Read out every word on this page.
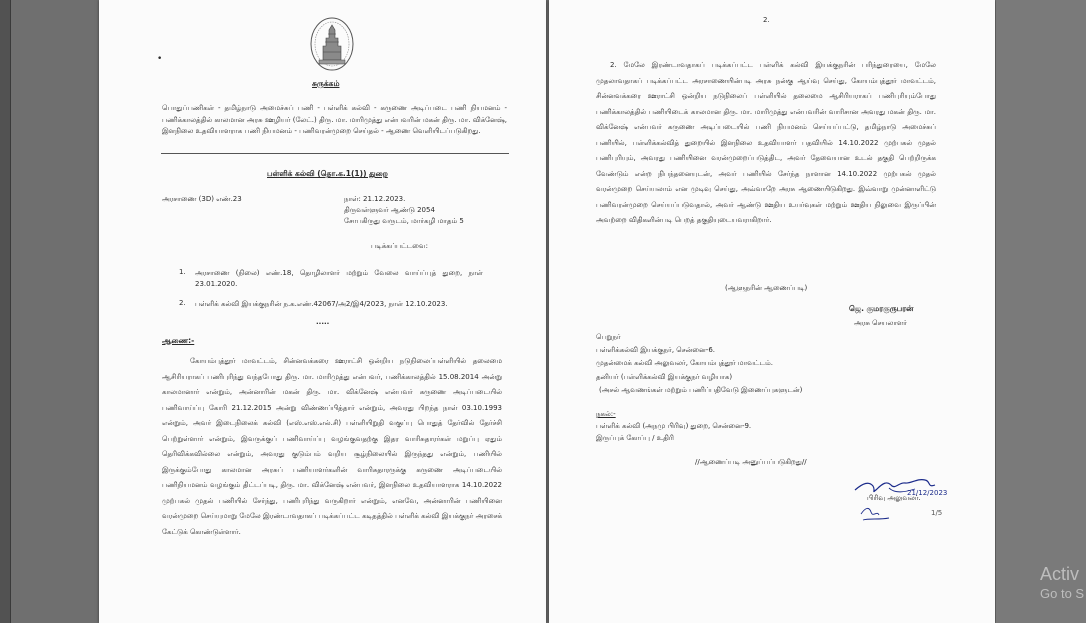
•
சுருக்கம்
பொதுப்பணிகள் - தமிழ்நாடு அமைச்சுப் பணி - பள்ளிக் கல்வி - கருணை அடிப்படை பணி நியமனம் - பணிக்காலத்தில் காலமான அரசு ஊழியர் (லேட்.) திரு. மா. மாரிமுத்து என்பவரின் மகன் திரு. மா. விக்னேஷ், இளநிலை உதவியாளராக பணி நியமனம் - பணிவரன்முறை செய்தல் - ஆணை வெளியிடப்படுகிறது.
பள்ளிக் கல்வி (தொ.க.1(1)) துறை
அரசாணை (3D) எண்.23	நாள்: 21.12.2023.
திருவள்ளுவர் ஆண்டு 2054
சோபகிருது வருடம், மார்கழி மாதம் 5
படிக்கப்பட்டவை:
1. அரசாணை (நிலை) எண்.18, தொழிலாளர் மற்றும் வேலை வாய்ப்புத் துறை, நாள் 23.01.2020.
2. பள்ளிக் கல்வி இயக்குநரின் ந.க.எண்.42067/அ2/இ4/2023, நாள் 12.10.2023.
.....
ஆணை:-
கோயம்புத்தூர் மாவட்டம், சின்னவக்கரை ஊராட்சி ஒன்றிய நடுநிலைப்பள்ளியில் தலைமை ஆசிரியராகப் பணிபுரிந்து வந்தபோது திரு. மா. மாரிமுத்து என்பவர், பணிக்காலத்தில் 15.08.2014 அன்று காலமானார் என்றும், அன்னாரின் மகன் திரு. மா. விக்னேஷ் என்பவர் கருணை அடிப்படையில் பணிவாய்ப்பு கோரி 21.12.2015 அன்று விண்ணப்பித்தார் என்றும், அவரது பிறந்த நாள் 03.10.1993 என்றும், அவர் இடைநிலைக் கல்வி (எஸ்.எஸ்.எல்.சி) பள்ளியிறுதி வகுப்பு பொதுத் தேர்வில் தேர்ச்சி பெற்றுள்ளார் என்றும், இவருக்குப் பணிவாய்ப்பு வழங்குவதற்கு இதர வாரிசுதாரர்கள் மறுப்பு ஏதும் தெரிவிக்கவில்லை என்றும், அவரது குடும்பம் வறிய சூழ்நிலையில் இருந்தது என்றும், பணியில் இருக்கும்போது காலமான அரசுப் பணியாளர்களின் வாரிசுதாரருக்கு கருணை அடிப்படையில் பணிநியமனம் வழங்கும் திட்டப்படி, திரு. மா. விக்னேஷ் என்பவர், இளநிலை உதவியாளராக 14.10.2022 முற்பகல் முதல் பணியில் சேர்ந்து, பணிபுரிந்து வருகிறார் என்றும், எனவே, அன்னாரின் பணியினை வரன்முறை செய்யுமாறு மேலே இரண்டாவதாகப் படிக்கப்பட்ட கடிதத்தில் பள்ளிக் கல்வி இயக்குநர் அரசைக் கேட்டுக் கொண்டுள்ளார்.
2.
2. மேலே இரண்டாவதாகப் படிக்கப்பட்ட பள்ளிக் கல்வி இயக்குநரின் பரிந்துரையை, மேலே முதலாவதாகப் படிக்கப்பட்ட அரசாணையின்படி அரசு நன்கு ஆய்வு செய்து, கோயம்புத்தூர் மாவட்டம், சின்னவக்கரை ஊராட்சி ஒன்றிய நடுநிலைப் பள்ளியில் தலைமை ஆசிரியராகப் பணிபுரியும்போது பணிக்காலத்தில் பணியிடைக் காலமான திரு. மா. மாரிமுத்து என்பவரின் வாரிசான அவரது மகன் திரு. மா. விக்னேஷ் என்பவர் கருணை அடிப்படையில் பணி நியமனம் செய்யப்பட்டு, தமிழ்நாடு அமைச்சுப் பணியில், பள்ளிக்கல்வித் துறையில் இளநிலை உதவியாளர் பதவியில் 14.10.2022 முற்பகல் முதல் பணிபுரியும், அவரது பணியினை வரன்முறைப்படுத்திட, அவர் தேவையான உடல் தகுதி பெற்றிருக்க வேண்டும் என்ற நிபந்தனையுடன், அவர் பணியில் சேர்ந்த நாளான 14.10.2022 முற்பகல் முதல் வரன்முறை செய்யலாம் என முடிவு செய்து, அவ்வாறே அரசு ஆணையிடுகிறது. இவ்வாறு முன்னாளிட்டு பணிவரன்முறை செய்யப்படுவதால், அவர் ஆண்டு ஊதிய உயர்வுகள் மற்றும் ஊதிய நிலுவை இருப்பின் அவற்றை விதிகளின்படி பெறத் தகுதியுடையவராகிறார்.
(ஆளுநரின் ஆணைப்படி)
ஜெ. குமரகுருபரன்
அரசு செயலாளர்
பெறுநர்
பள்ளிக்கல்வி இயக்குநர், சென்னை-6.
முதன்மைக் கல்வி அலுவலர், கோயம்புத்தூர் மாவட்டம்.
தனியர் (பள்ளிக்கல்வி இயக்குநர் வழியாக)
(அசல் ஆவணங்கள் மற்றும் பணிப்பதிவேடு இணைப்புகளுடன்)
நகல்:-
பள்ளிக் கல்வி (அநமு பிரிவு) துறை, சென்னை-9.
இருப்புக் கோப்பு / உதிரி
//ஆணைப்படி அனுப்பப்படுகிறது//
21/12/2023
1/5
பிரிவு அலுவலர்.
Activ
Go to S
